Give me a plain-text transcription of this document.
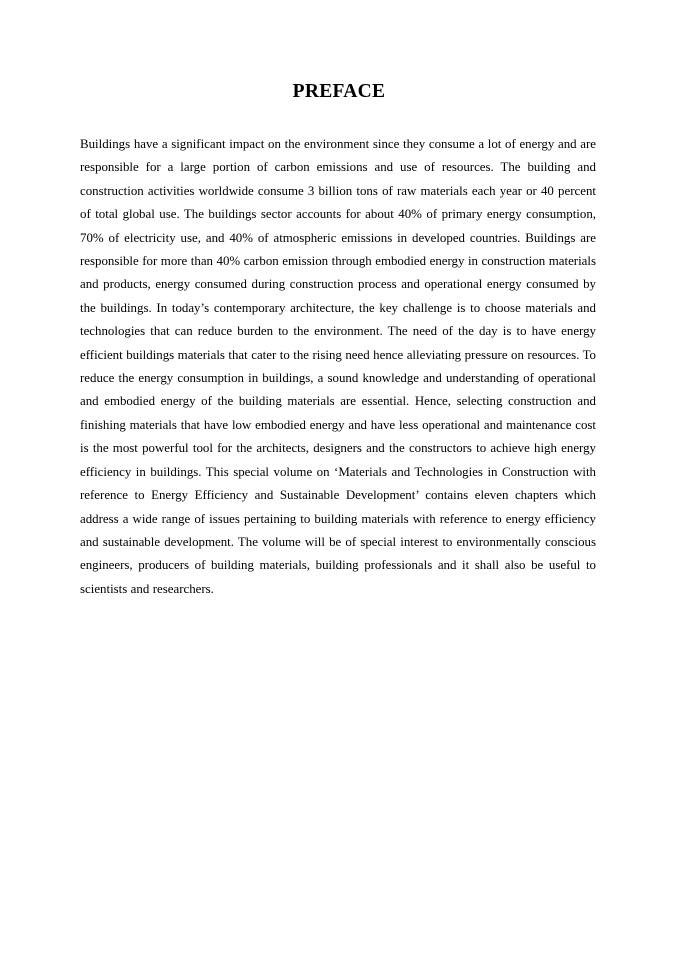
PREFACE

Buildings have a significant impact on the environment since they consume a lot of energy and are responsible for a large portion of carbon emissions and use of resources. The building and construction activities worldwide consume 3 billion tons of raw materials each year or 40 percent of total global use. The buildings sector accounts for about 40% of primary energy consumption, 70% of electricity use, and 40% of atmospheric emissions in developed countries. Buildings are responsible for more than 40% carbon emission through embodied energy in construction materials and products, energy consumed during construction process and operational energy consumed by the buildings. In today’s contemporary architecture, the key challenge is to choose materials and technologies that can reduce burden to the environment. The need of the day is to have energy efficient buildings materials that cater to the rising need hence alleviating pressure on resources. To reduce the energy consumption in buildings, a sound knowledge and understanding of operational and embodied energy of the building materials are essential. Hence, selecting construction and finishing materials that have low embodied energy and have less operational and maintenance cost is the most powerful tool for the architects, designers and the constructors to achieve high energy efficiency in buildings. This special volume on ‘Materials and Technologies in Construction with reference to Energy Efficiency and Sustainable Development’ contains eleven chapters which address a wide range of issues pertaining to building materials with reference to energy efficiency and sustainable development. The volume will be of special interest to environmentally conscious engineers, producers of building materials, building professionals and it shall also be useful to scientists and researchers.
